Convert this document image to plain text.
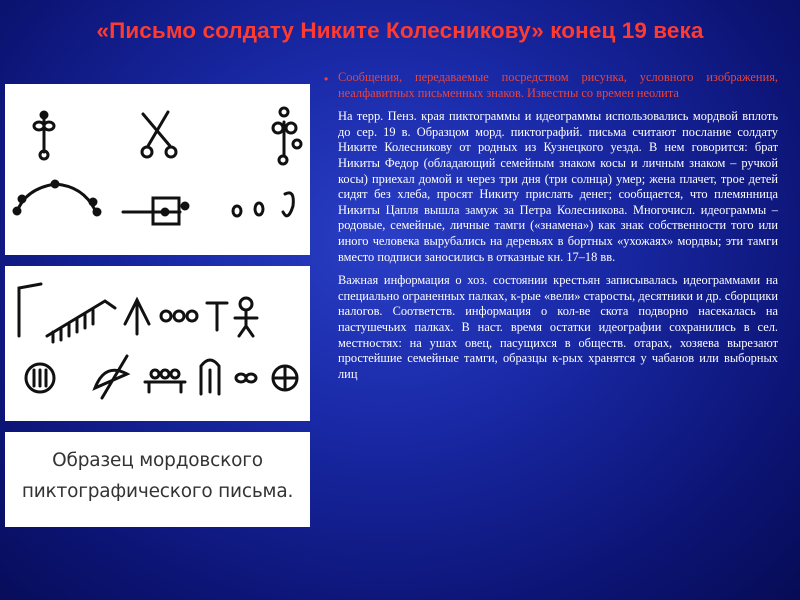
«Письмо солдату Никите Колесникову» конец 19 века
Образец мордовского
пиктографического письма.
• Сообщения, передаваемые посредством рисунка, условного изображения, неалфавитных письменных знаков. Известны со времен неолита

На терр. Пенз. края пиктограммы и идеограммы использовались мордвой вплоть до сер. 19 в. Образцом морд. пиктографий. письма считают послание солдату Никите Колесникову от родных из Кузнецкого уезда. В нем говорится: брат Никиты Федор (обладающий семейным знаком косы и личным знаком – ручкой косы) приехал домой и через три дня (три солнца) умер; жена плачет, трое детей сидят без хлеба, просят Никиту прислать денег; сообщается, что племянница Никиты Цапля вышла замуж за Петра Колесникова. Многочисл. идеограммы – родовые, семейные, личные тамги («знамена») как знак собственности того или иного человека вырубались на деревьях в бортных «ухожаях» мордвы; эти тамги вместо подписи заносились в отказные кн. 17–18 вв.

Важная информация о хоз. состоянии крестьян записывалась идеограммами на специально ограненных палках, к-рые «вели» старосты, десятники и др. сборщики налогов. Соответств. информация о кол-ве скота подворно насекалась на пастушечьих палках. В наст. время остатки идеографии сохранились в сел. местностях: на ушах овец, пасущихся в обществ. отарах, хозяева вырезают простейшие семейные тамги, образцы к-рых хранятся у чабанов или выборных лиц
